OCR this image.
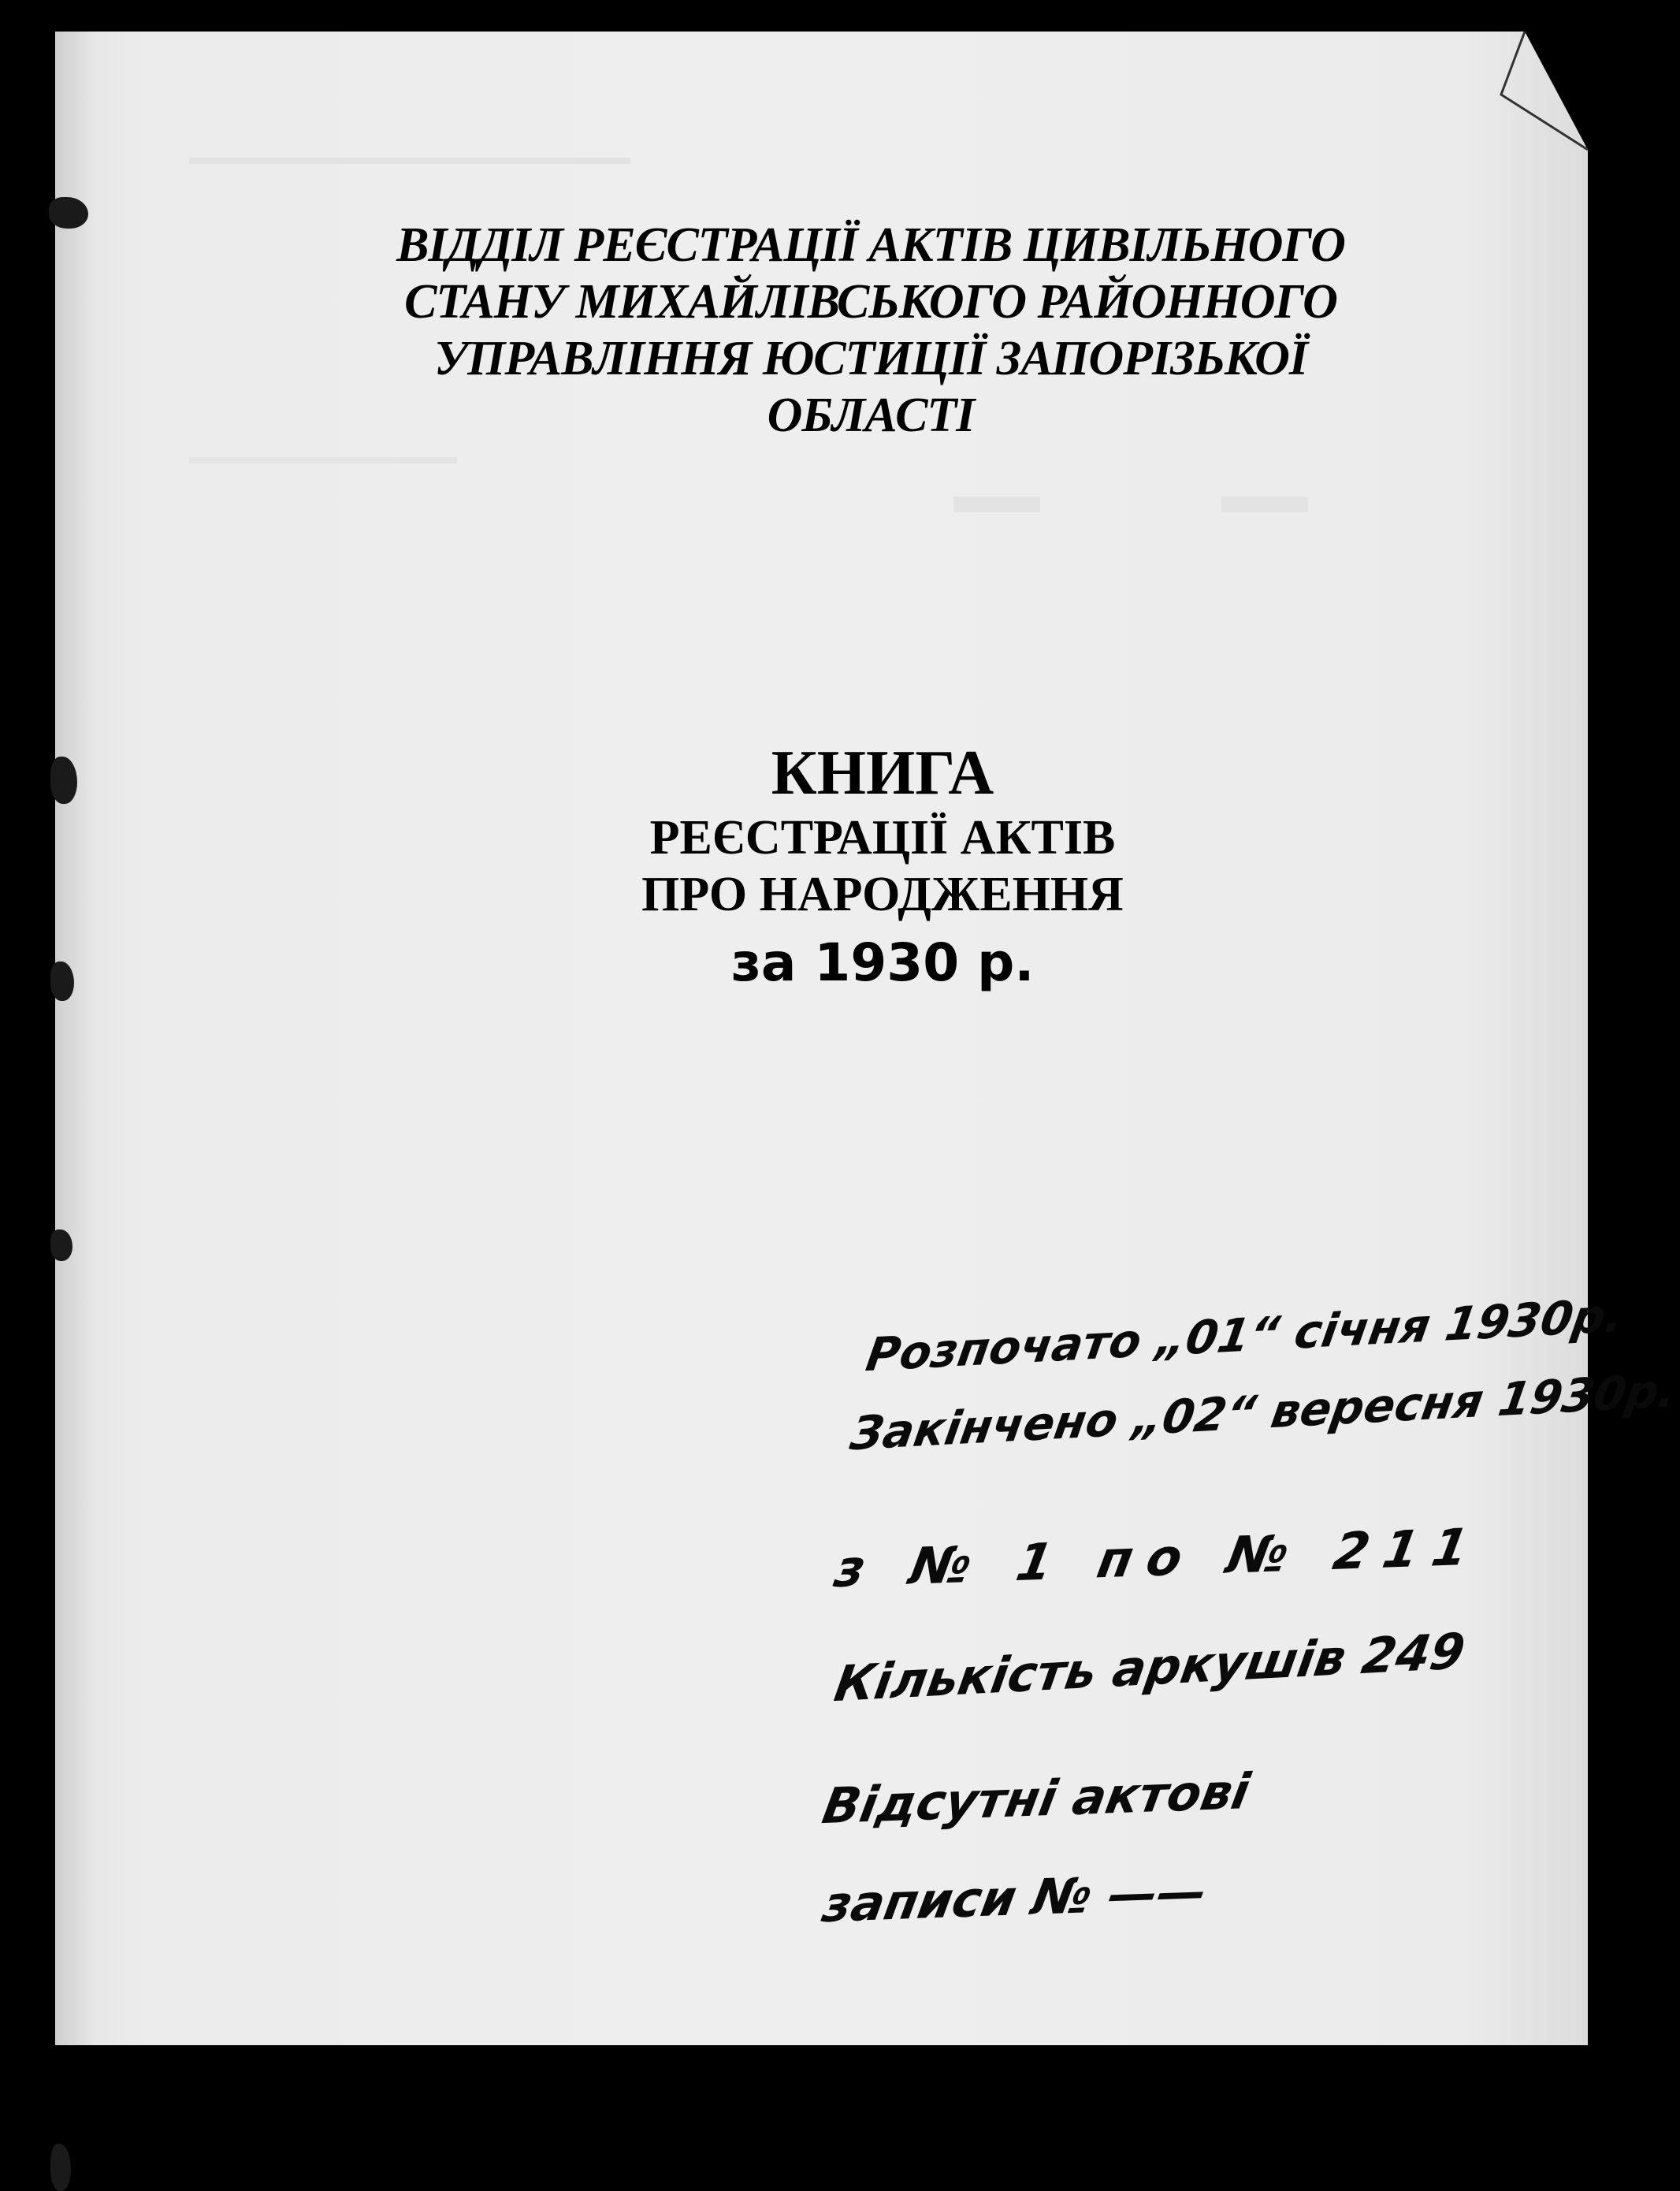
ВІДДІЛ РЕЄСТРАЦІЇ АКТІВ ЦИВІЛЬНОГО
СТАНУ МИХАЙЛІВСЬКОГО РАЙОННОГО
УПРАВЛІННЯ ЮСТИЦІЇ ЗАПОРІЗЬКОЇ
ОБЛАСТІ
КНИГА
РЕЄСТРАЦІЇ АКТІВ
ПРО НАРОДЖЕННЯ
за 1930 р.
Розпочато „01“ січня 1930р.
Закінчено „02“ вересня 1930р.
з № 1 по № 211
Кількість аркушів 249
Відсутні актові
записи № ——
